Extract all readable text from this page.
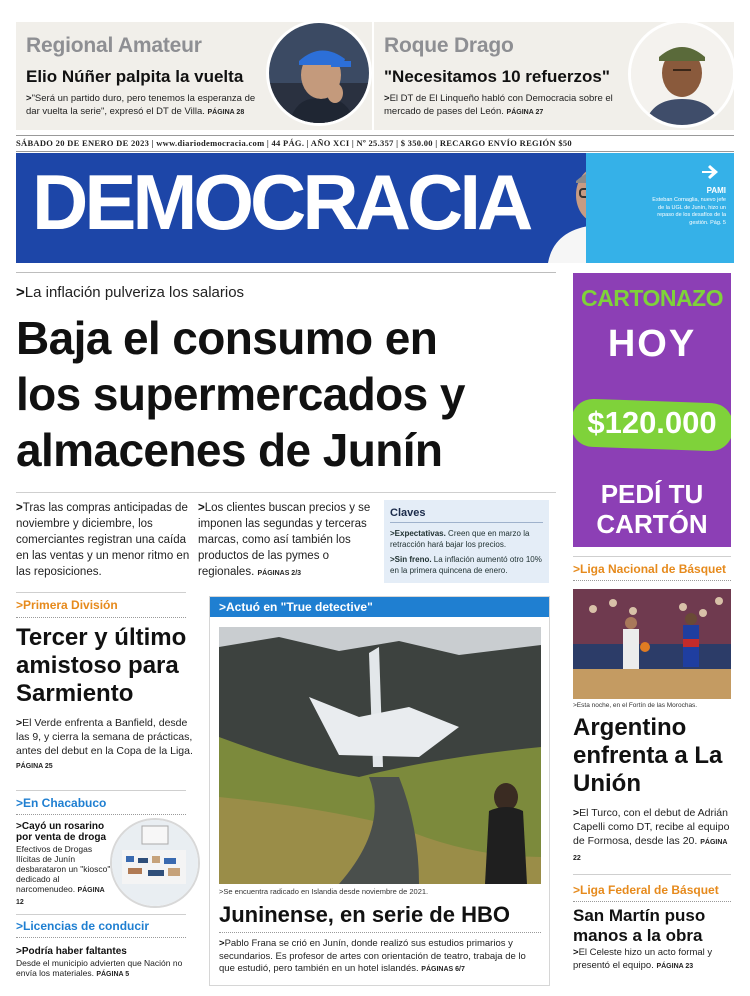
Regional Amateur
Elio Núñer palpita la vuelta
>"Será un partido duro, pero tenemos la esperanza de dar vuelta la serie", expresó el DT de Villa. PÁGINA 28
Roque Drago
"Necesitamos 10 refuerzos"
>El DT de El Linqueño habló con Democracia sobre el mercado de pases del León. PÁGINA 27
SÁBADO 20 DE ENERO DE 2023 | www.diariodemocracia.com | 44 PÁG. | AÑO XCI | Nº 25.357 | $ 350.00 | RECARGO ENVÍO REGIÓN $50
DEMOCRACIA	PAMI
Esteban Cornaglia, nuevo jefe de la UGL de Junín, hizo un repaso de los desafíos de la gestión. Pág. 5
>La inflación pulveriza los salarios
Baja el consumo en
los supermercados y
almacenes de Junín
>Tras las compras anticipadas de noviembre y diciembre, los comerciantes registran una caída en las ventas y un menor ritmo en las reposiciones.
>Los clientes buscan precios y se imponen las segundas y terceras marcas, como así también los productos de las pymes o regionales. PÁGINAS 2/3
Claves
>Expectativas. Creen que en marzo la retracción hará bajar los precios.
>Sin freno. La inflación aumentó otro 10% en la primera quincena de enero.
CARTONAZO
HOY
$120.000
PEDÍ TU
CARTÓN
>Primera División
Tercer y último amistoso para Sarmiento
>El Verde enfrenta a Banfield, desde las 9, y cierra la semana de prácticas, antes del debut en la Copa de la Liga. PÁGINA 25
>En Chacabuco
>Cayó un rosarino por venta de droga
Efectivos de Drogas Ilícitas de Junín desbarataron un "kiosco" dedicado al narcomenudeo. PÁGINA 12
>Licencias de conducir
>Podría haber faltantes
Desde el municipio advierten que Nación no envía los materiales. PÁGINA 5
>Actuó en "True detective"
>Se encuentra radicado en Islandia desde noviembre de 2021.
Juninense, en serie de HBO
>Pablo Frana se crió en Junín, donde realizó sus estudios primarios y secundarios. Es profesor de artes con orientación de teatro, trabaja de lo que estudió, pero también en un hotel islandés. PÁGINAS 6/7
>Liga Nacional de Básquet
>Esta noche, en el Fortín de las Morochas.
Argentino enfrenta a La Unión
>El Turco, con el debut de Adrián Capelli como DT, recibe al equipo de Formosa, desde las 20. PÁGINA 22
>Liga Federal de Básquet
San Martín puso manos a la obra
>El Celeste hizo un acto formal y presentó el equipo. PÁGINA 23
